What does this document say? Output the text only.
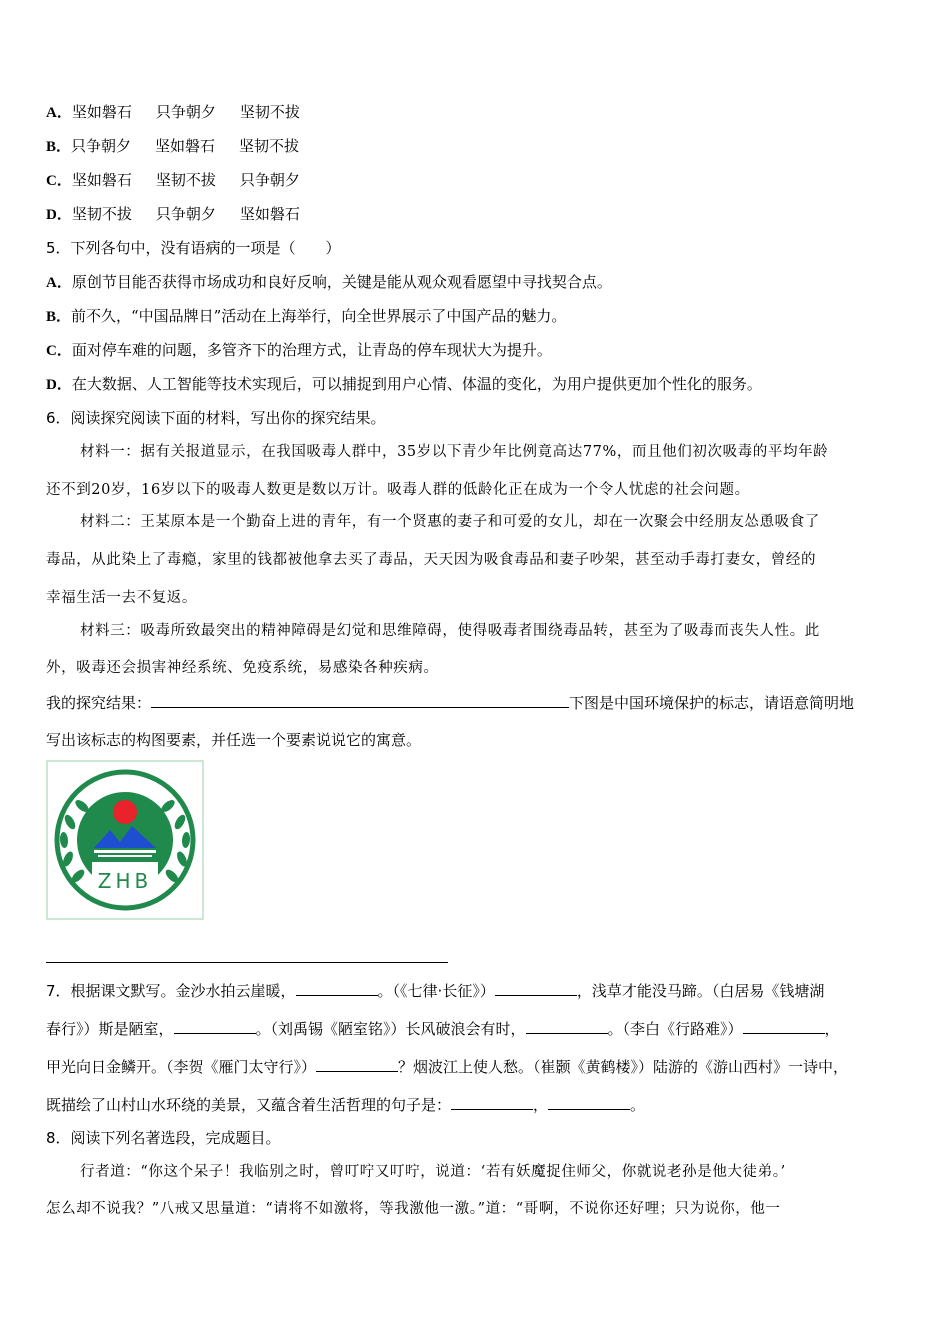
A．坚如磐石 只争朝夕 坚韧不拔
B．只争朝夕 坚如磐石 坚韧不拔
C．坚如磐石 坚韧不拔 只争朝夕
D．坚韧不拔 只争朝夕 坚如磐石
5．下列各句中，没有语病的一项是（　　）
A．原创节目能否获得市场成功和良好反响，关键是能从观众观看愿望中寻找契合点。
B．前不久，“中国品牌日”活动在上海举行，向全世界展示了中国产品的魅力。
C．面对停车难的问题，多管齐下的治理方式，让青岛的停车现状大为提升。
D．在大数据、人工智能等技术实现后，可以捕捉到用户心情、体温的变化，为用户提供更加个性化的服务。
6．阅读探究阅读下面的材料，写出你的探究结果。
材料一：据有关报道显示，在我国吸毒人群中，35岁以下青少年比例竟高达77%，而且他们初次吸毒的平均年龄
还不到20岁，16岁以下的吸毒人数更是数以万计。吸毒人群的低龄化正在成为一个令人忧虑的社会问题。
材料二：王某原本是一个勤奋上进的青年，有一个贤惠的妻子和可爱的女儿，却在一次聚会中经朋友怂恿吸食了
毒品，从此染上了毒瘾，家里的钱都被他拿去买了毒品，天天因为吸食毒品和妻子吵架，甚至动手毒打妻女，曾经的
幸福生活一去不复返。
材料三：吸毒所致最突出的精神障碍是幻觉和思维障碍，使得吸毒者围绕毒品转，甚至为了吸毒而丧失人性。此
外，吸毒还会损害神经系统、免疫系统，易感染各种疾病。
我的探究结果：	下图是中国环境保护的标志，请语意简明地
写出该标志的构图要素，并任选一个要素说说它的寓意。
ZHB
7．根据课文默写。金沙水拍云崖暖，	。（《七律·长征》）	，浅草才能没马蹄。（白居易《钱塘湖
春行》）斯是陋室，	。（刘禹锡《陋室铭》）长风破浪会有时，	。（李白《行路难》）	，
甲光向日金鳞开。（李贺《雁门太守行》）	？烟波江上使人愁。（崔颢《黄鹤楼》）陆游的《游山西村》一诗中，
既描绘了山村山水环绕的美景，又蕴含着生活哲理的句子是：	，	。
8．阅读下列名著选段，完成题目。
行者道：“你这个呆子！我临别之时，曾叮咛又叮咛，说道：‘若有妖魔捉住师父，你就说老孙是他大徒弟。’
怎么却不说我？”八戒又思量道：“请将不如激将，等我激他一激。”道：“哥啊，不说你还好哩；只为说你，他一
